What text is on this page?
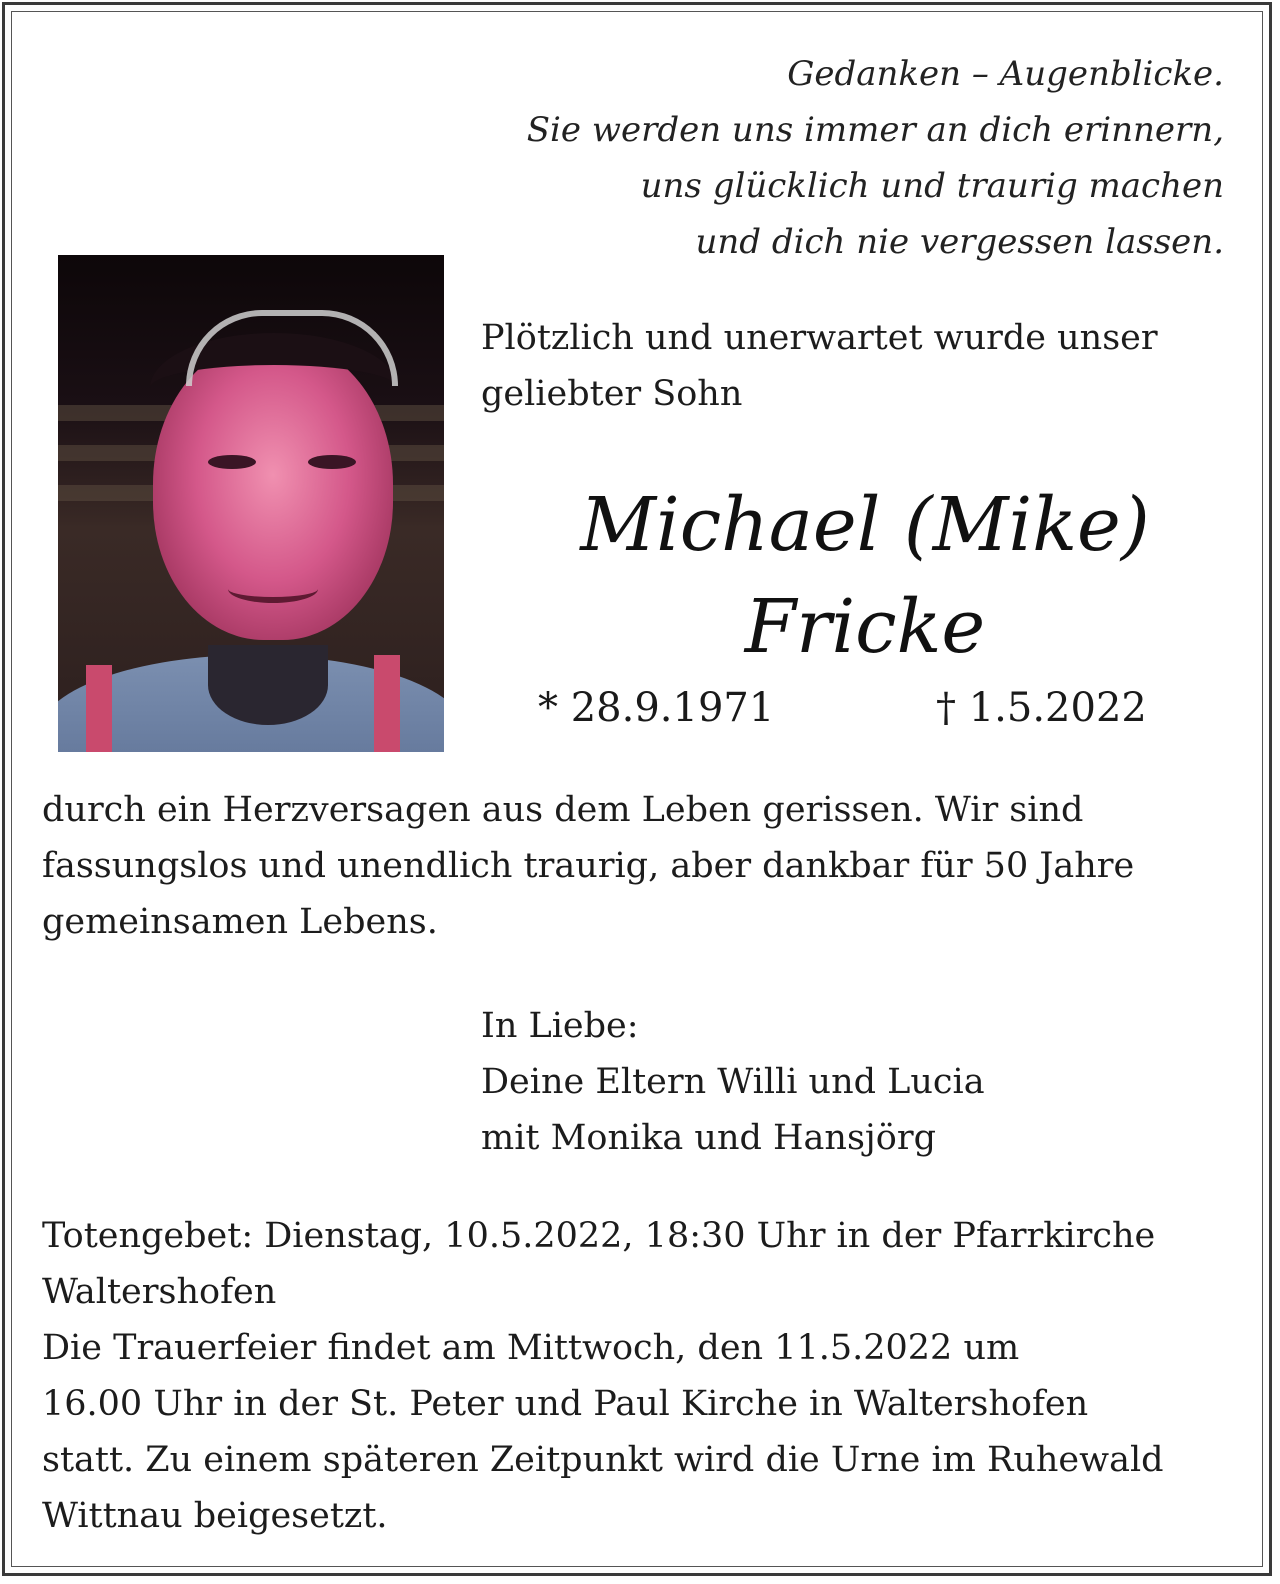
Gedanken – Augenblicke.
Sie werden uns immer an dich erinnern,
uns glücklich und traurig machen
und dich nie vergessen lassen.
Plötzlich und unerwartet wurde unser
geliebter Sohn
Michael (Mike)
Fricke
* 28.9.1971	† 1.5.2022
durch ein Herzversagen aus dem Leben gerissen. Wir sind
fassungslos und unendlich traurig, aber dankbar für 50 Jahre
gemeinsamen Lebens.
In Liebe:
Deine Eltern Willi und Lucia
mit Monika und Hansjörg
Totengebet: Dienstag, 10.5.2022, 18:30 Uhr in der Pfarrkirche
Waltershofen
Die Trauerfeier findet am Mittwoch, den 11.5.2022 um
16.00 Uhr in der St. Peter und Paul Kirche in Waltershofen
statt. Zu einem späteren Zeitpunkt wird die Urne im Ruhewald
Wittnau beigesetzt.
